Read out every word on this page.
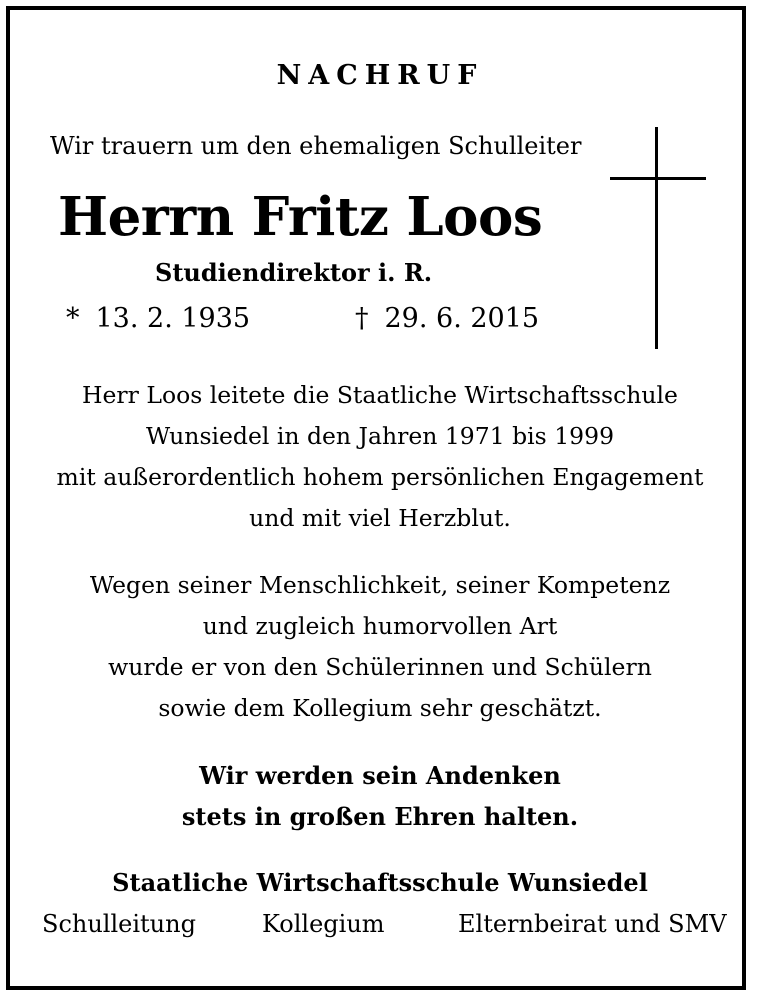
NACHRUF
Wir trauern um den ehemaligen Schulleiter
Herrn Fritz Loos
Studiendirektor i. R.
* 13. 2. 1935	† 29. 6. 2015
Herr Loos leitete die Staatliche Wirtschaftsschule
Wunsiedel in den Jahren 1971 bis 1999
mit außerordentlich hohem persönlichen Engagement
und mit viel Herzblut.
Wegen seiner Menschlichkeit, seiner Kompetenz
und zugleich humorvollen Art
wurde er von den Schülerinnen und Schülern
sowie dem Kollegium sehr geschätzt.
Wir werden sein Andenken
stets in großen Ehren halten.
Staatliche Wirtschaftsschule Wunsiedel
Schulleitung	Kollegium	Elternbeirat und SMV
